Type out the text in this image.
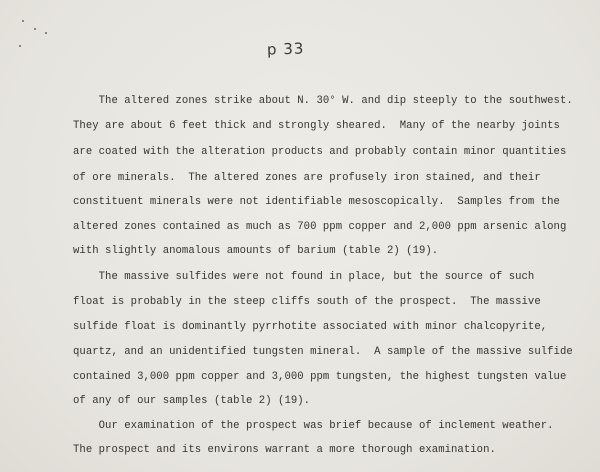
p 33
The altered zones strike about N. 30° W. and dip steeply to the southwest.
They are about 6 feet thick and strongly sheared.  Many of the nearby joints
are coated with the alteration products and probably contain minor quantities
of ore minerals.  The altered zones are profusely iron stained, and their
constituent minerals were not identifiable mesoscopically.  Samples from the
altered zones contained as much as 700 ppm copper and 2,000 ppm arsenic along
with slightly anomalous amounts of barium (table 2) (19).
The massive sulfides were not found in place, but the source of such
float is probably in the steep cliffs south of the prospect.  The massive
sulfide float is dominantly pyrrhotite associated with minor chalcopyrite,
quartz, and an unidentified tungsten mineral.  A sample of the massive sulfide
contained 3,000 ppm copper and 3,000 ppm tungsten, the highest tungsten value
of any of our samples (table 2) (19).
Our examination of the prospect was brief because of inclement weather.
The prospect and its environs warrant a more thorough examination.
